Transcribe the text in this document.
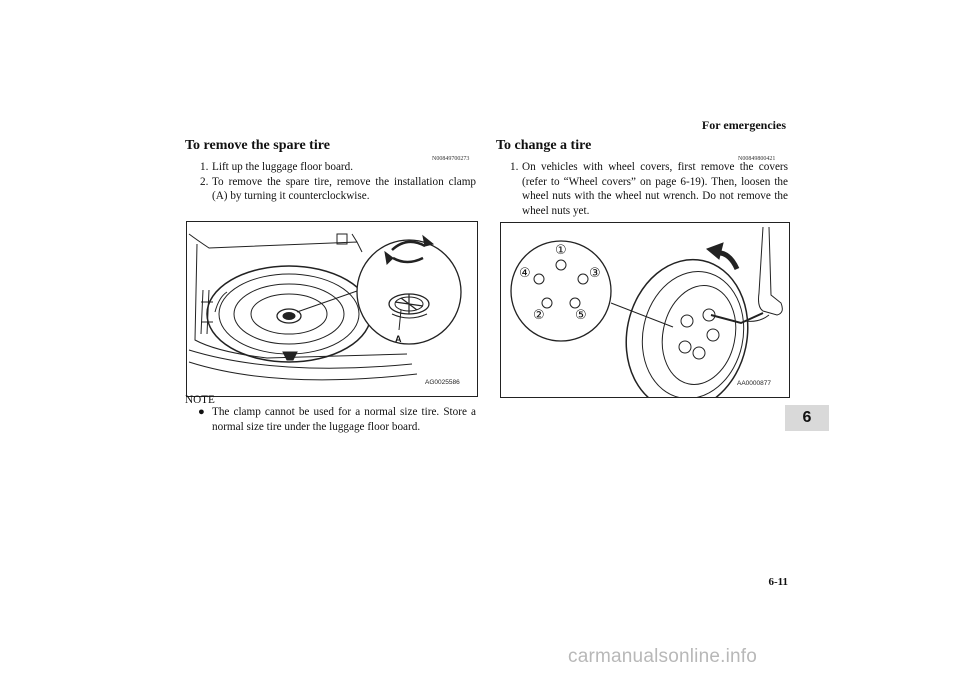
For emergencies
6
To remove the spare tire
N00849700273
1. Lift up the luggage floor board.
2. To remove the spare tire, remove the installation clamp (A) by turning it counterclockwise.
A
AG0025586
NOTE
● The clamp cannot be used for a normal size tire. Store a normal size tire under the luggage floor board.
To change a tire
N00849800421
1. On vehicles with wheel covers, first remove the covers (refer to “Wheel covers” on page 6-19). Then, loosen the wheel nuts with the wheel nut wrench. Do not remove the wheel nuts yet.
①
②
③
④
⑤
AA0000877
6-11
carmanualsonline.info
